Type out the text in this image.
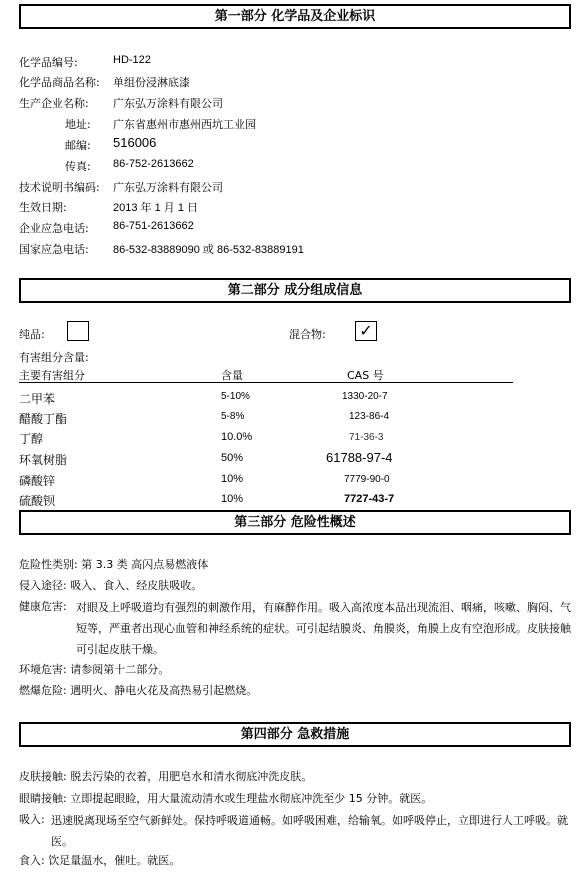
第一部分 化学品及企业标识
化学品编号:	HD-122
化学品商品名称: 单组份浸淋底漆
生产企业名称: 广东弘万涂料有限公司
地址: 广东省惠州市惠州西坑工业园
邮编: 516006
传真: 86-752-2613662
技术说明书编码: 广东弘万涂料有限公司
生效日期:	2013 年 1 月 1 日
企业应急电话: 86-751-2613662
国家应急电话: 86-532-83889090 或 86-532-83889191
第二部分 成分组成信息
纯品:	混合物: ✓
有害组分含量:
主要有害组分	含量	CAS 号
二甲苯	5-10%	1330-20-7
醋酸丁酯	5-8%	123-86-4
丁醇	10.0%	71-36-3
环氧树脂	50%	61788-97-4
磷酸锌	10%	7779-90-0
硫酸钡	10%	7727-43-7
第三部分 危险性概述
危险性类别: 第 3.3 类 高闪点易燃液体
侵入途径: 吸入、食入、经皮肤吸收。
健康危害: 对眼及上呼吸道均有强烈的刺激作用，有麻醉作用。吸入高浓度本品出现流泪、咽痛，咳嗽、胸闷、气短等，严重者出现心血管和神经系统的症状。可引起结膜炎、角膜炎，角膜上皮有空泡形成。皮肤接触可引起皮肤干燥。
环境危害: 请参阅第十二部分。
燃爆危险: 遇明火、静电火花及高热易引起燃烧。
第四部分 急救措施
皮肤接触: 脱去污染的衣着，用肥皂水和清水彻底冲洗皮肤。
眼睛接触: 立即提起眼睑，用大量流动清水或生理盐水彻底冲洗至少 15 分钟。就医。
吸入: 迅速脱离现场至空气新鲜处。保持呼吸道通畅。如呼吸困难，给输氧。如呼吸停止，立即进行人工呼吸。就医。
食入: 饮足量温水，催吐。就医。
